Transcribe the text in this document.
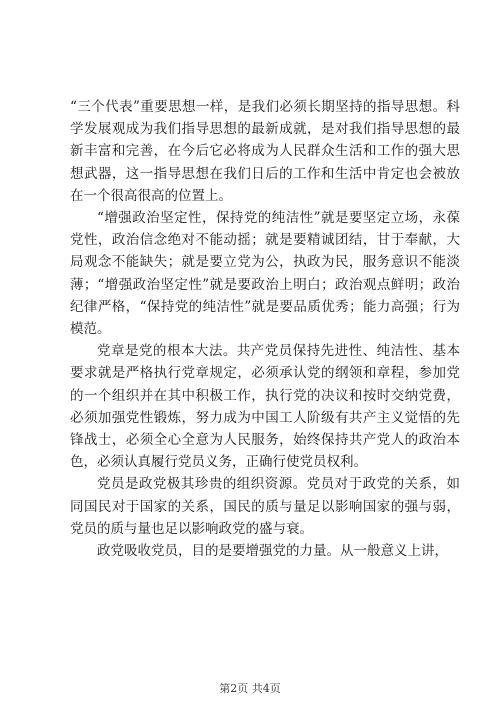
“三个代表”重要思想一样，是我们必须长期坚持的指导思想。科学发展观成为我们指导思想的最新成就，是对我们指导思想的最新丰富和完善，在今后它必将成为人民群众生活和工作的强大思想武器，这一指导思想在我们日后的工作和生活中肯定也会被放在一个很高很高的位置上。

“增强政治坚定性，保持党的纯洁性”就是要坚定立场，永葆党性，政治信念绝对不能动摇；就是要精诚团结，甘于奉献，大局观念不能缺失；就是要立党为公，执政为民，服务意识不能淡薄；“增强政治坚定性”就是要政治上明白；政治观点鲜明；政治纪律严格，“保持党的纯洁性”就是要品质优秀；能力高强；行为模范。

党章是党的根本大法。共产党员保持先进性、纯洁性、基本要求就是严格执行党章规定，必须承认党的纲领和章程，参加党的一个组织并在其中积极工作，执行党的决议和按时交纳党费，必须加强党性锻炼，努力成为中国工人阶级有共产主义觉悟的先锋战士，必须全心全意为人民服务，始终保持共产党人的政治本色，必须认真履行党员义务，正确行使党员权利。

党员是政党极其珍贵的组织资源。党员对于政党的关系，如同国民对于国家的关系，国民的质与量足以影响国家的强与弱，党员的质与量也足以影响政党的盛与衰。

政党吸收党员，目的是要增强党的力量。从一般意义上讲，

第2页 共4页
